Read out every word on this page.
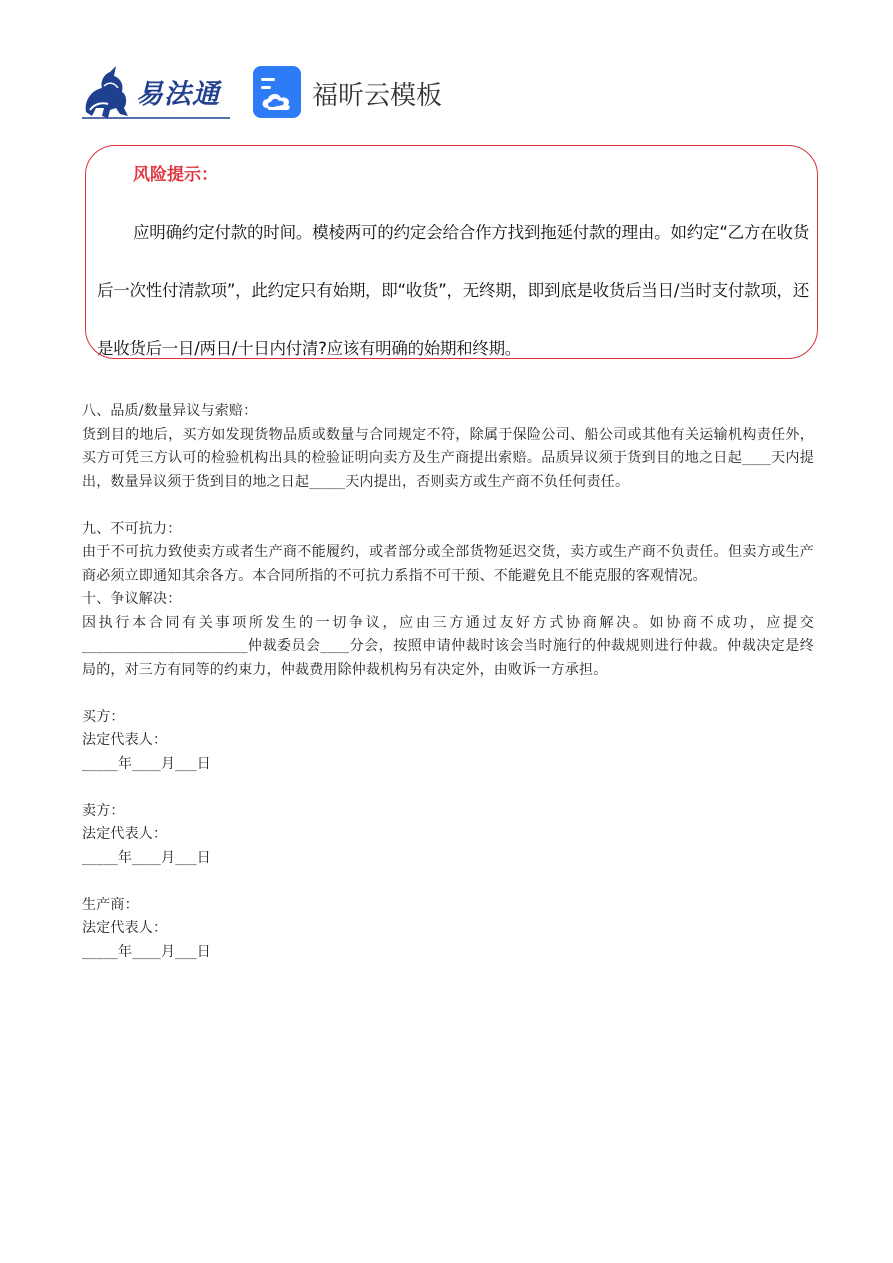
易法通	福昕云模板
风险提示：
应明确约定付款的时间。模棱两可的约定会给合作方找到拖延付款的理由。如约定“乙方在收货后一次性付清款项”，此约定只有始期，即“收货”，无终期，即到底是收货后当日/当时支付款项，还是收货后一日/两日/十日内付清?应该有明确的始期和终期。

八、品质/数量异议与索赔：

货到目的地后，买方如发现货物品质或数量与合同规定不符，除属于保险公司、船公司或其他有关运输机构责任外，买方可凭三方认可的检验机构出具的检验证明向卖方及生产商提出索赔。品质异议须于货到目的地之日起____天内提出，数量异议须于货到目的地之日起_____天内提出，否则卖方或生产商不负任何责任。

九、不可抗力：

由于不可抗力致使卖方或者生产商不能履约，或者部分或全部货物延迟交货，卖方或生产商不负责任。但卖方或生产商必须立即通知其余各方。本合同所指的不可抗力系指不可干预、不能避免且不能克服的客观情况。

十、争议解决：

因执行本合同有关事项所发生的一切争议，应由三方通过友好方式协商解决。如协商不成功，应提交_______________________仲裁委员会____分会，按照申请仲裁时该会当时施行的仲裁规则进行仲裁。仲裁决定是终局的，对三方有同等的约束力，仲裁费用除仲裁机构另有决定外，由败诉一方承担。

买方：

法定代表人：

_____年____月___日

卖方：

法定代表人：

_____年____月___日

生产商：

法定代表人：

_____年____月___日
